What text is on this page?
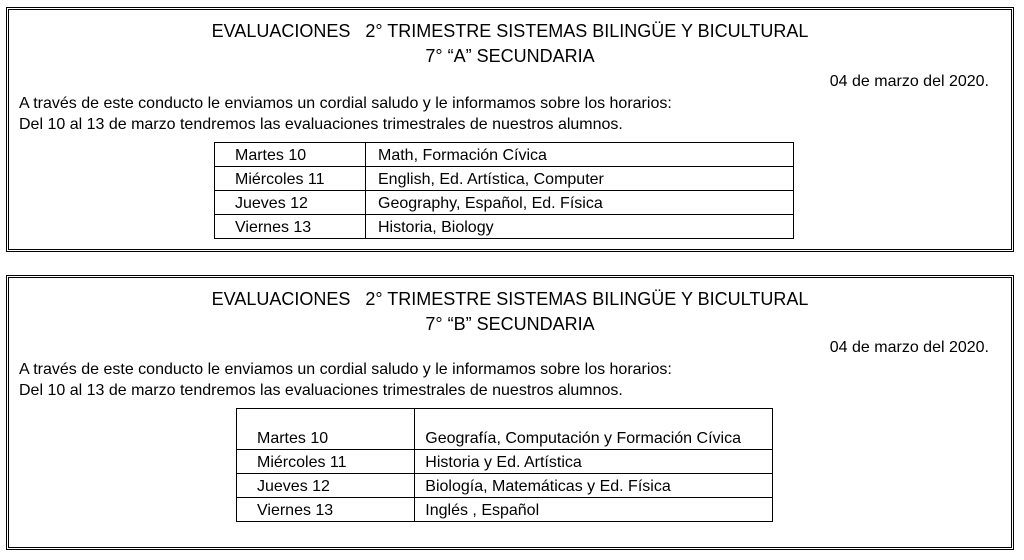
EVALUACIONES   2° TRIMESTRE SISTEMAS BILINGÜE Y BICULTURAL
7° “A” SECUNDARIA
04 de marzo del 2020.
A través de este conducto le enviamos un cordial saludo y le informamos sobre los horarios:
Del 10 al 13 de marzo tendremos las evaluaciones trimestrales de nuestros alumnos.
Martes 10	Math, Formación Cívica
Miércoles 11	English, Ed. Artística, Computer
Jueves 12	Geography, Español, Ed. Física
Viernes 13	Historia, Biology
EVALUACIONES   2° TRIMESTRE SISTEMAS BILINGÜE Y BICULTURAL
7° “B” SECUNDARIA
04 de marzo del 2020.
A través de este conducto le enviamos un cordial saludo y le informamos sobre los horarios:
Del 10 al 13 de marzo tendremos las evaluaciones trimestrales de nuestros alumnos.
Martes 10	Geografía, Computación y Formación Cívica
Miércoles 11	Historia y Ed. Artística
Jueves 12	Biología, Matemáticas y Ed. Física
Viernes 13	Inglés , Español
